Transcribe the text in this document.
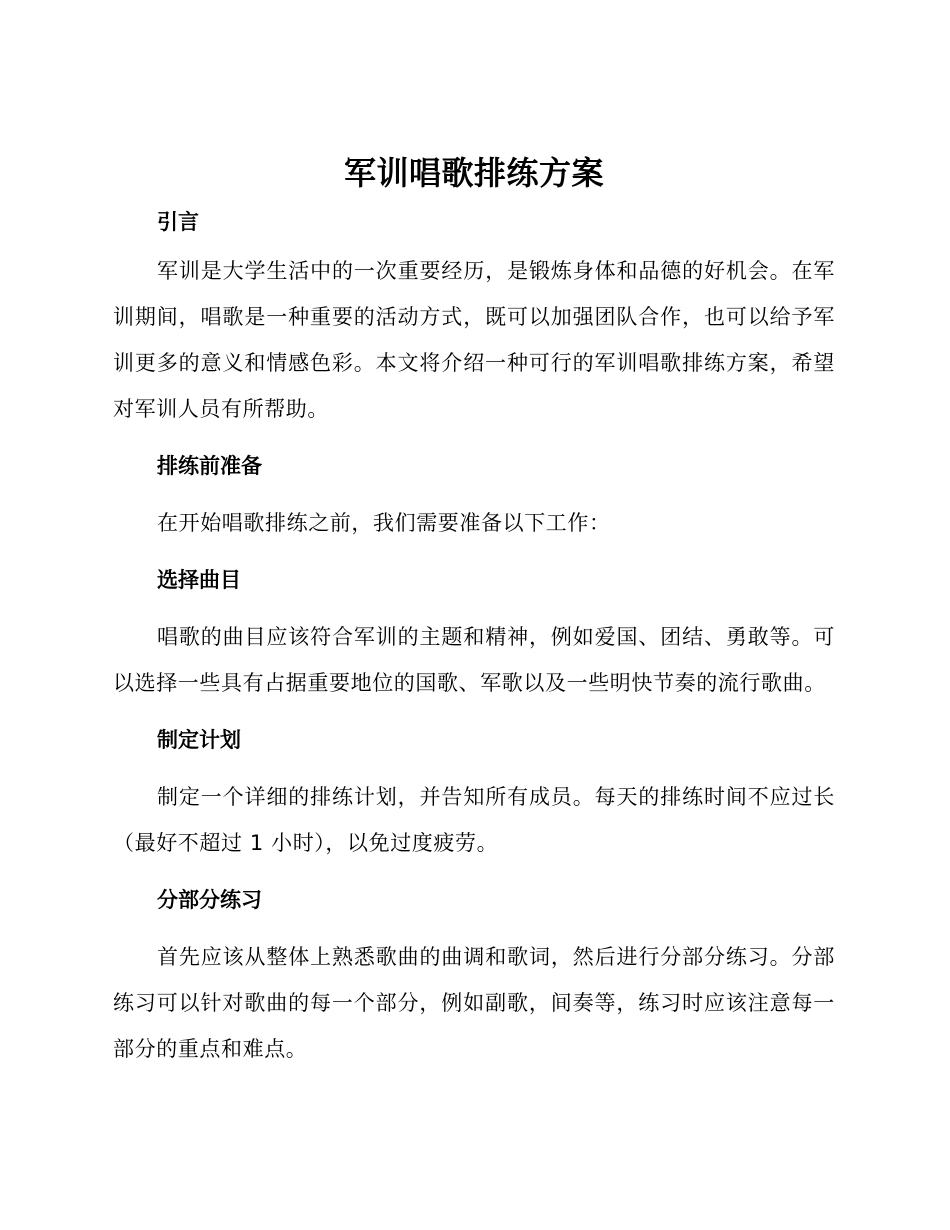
军训唱歌排练方案

引言

军训是大学生活中的一次重要经历，是锻炼身体和品德的好机会。在军训期间，唱歌是一种重要的活动方式，既可以加强团队合作，也可以给予军训更多的意义和情感色彩。本文将介绍一种可行的军训唱歌排练方案，希望对军训人员有所帮助。

排练前准备

在开始唱歌排练之前，我们需要准备以下工作：

选择曲目

唱歌的曲目应该符合军训的主题和精神，例如爱国、团结、勇敢等。可以选择一些具有占据重要地位的国歌、军歌以及一些明快节奏的流行歌曲。

制定计划

制定一个详细的排练计划，并告知所有成员。每天的排练时间不应过长（最好不超过 1 小时），以免过度疲劳。

分部分练习

首先应该从整体上熟悉歌曲的曲调和歌词，然后进行分部分练习。分部练习可以针对歌曲的每一个部分，例如副歌，间奏等，练习时应该注意每一部分的重点和难点。
